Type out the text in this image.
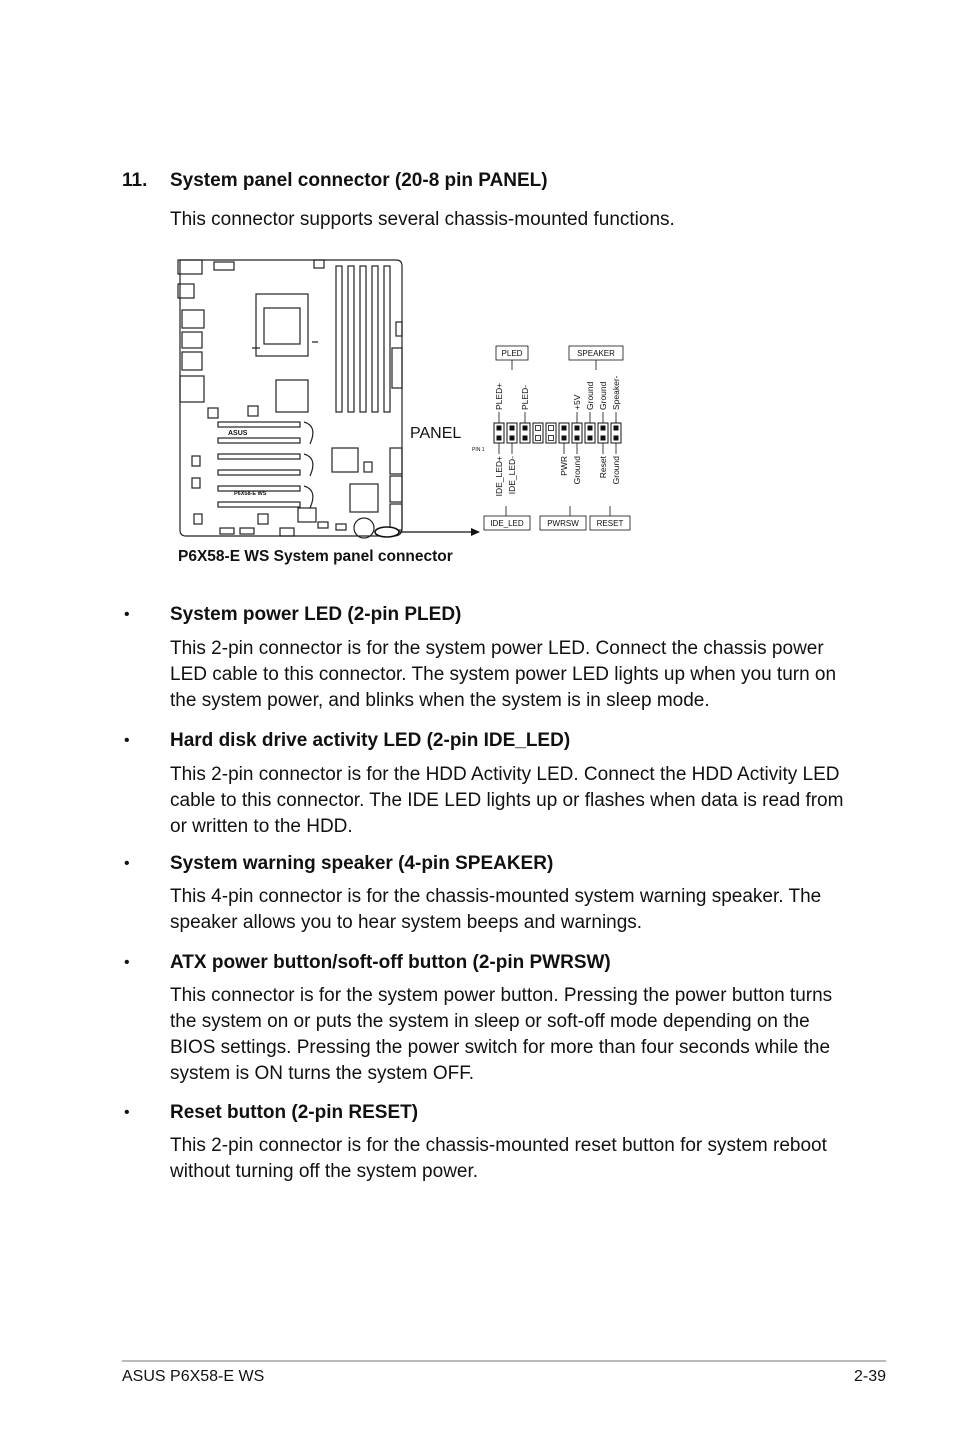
11. System panel connector (20-8 pin PANEL)
This connector supports several chassis-mounted functions.
ASUS
P6X58-E WS
PANEL
PIN 1
PLED	SPEAKER
IDE_LED	PWRSW RESET
PLED+ PLED-	+5V Ground Ground Speaker-
IDE_LED+ IDE_LED-	PWR Ground Reset Ground
P6X58-E WS System panel connector
• System power LED (2-pin PLED)
This 2-pin connector is for the system power LED. Connect the chassis power LED cable to this connector. The system power LED lights up when you turn on the system power, and blinks when the system is in sleep mode.
• Hard disk drive activity LED (2-pin IDE_LED)
This 2-pin connector is for the HDD Activity LED. Connect the HDD Activity LED cable to this connector. The IDE LED lights up or flashes when data is read from or written to the HDD.
• System warning speaker (4-pin SPEAKER)
This 4-pin connector is for the chassis-mounted system warning speaker. The speaker allows you to hear system beeps and warnings.
• ATX power button/soft-off button (2-pin PWRSW)
This connector is for the system power button. Pressing the power button turns the system on or puts the system in sleep or soft-off mode depending on the BIOS settings. Pressing the power switch for more than four seconds while the system is ON turns the system OFF.
• Reset button (2-pin RESET)
This 2-pin connector is for the chassis-mounted reset button for system reboot without turning off the system power.
ASUS P6X58-E WS	2-39
